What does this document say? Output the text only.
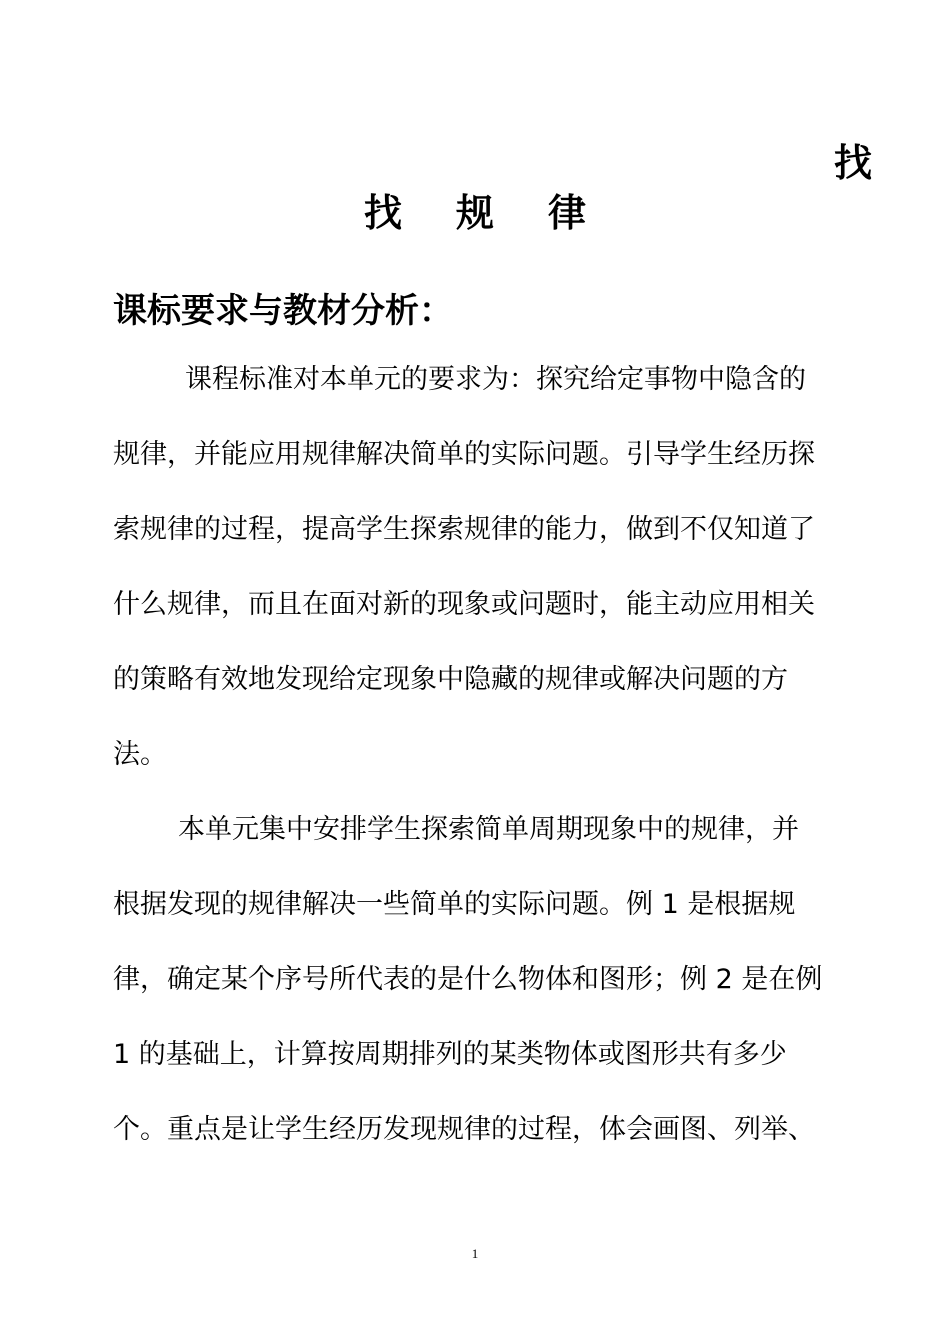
找
找规律
课标要求与教材分析：

课程标准对本单元的要求为：探究给定事物中隐含的
规律，并能应用规律解决简单的实际问题。引导学生经历探
索规律的过程，提高学生探索规律的能力，做到不仅知道了
什么规律，而且在面对新的现象或问题时，能主动应用相关
的策略有效地发现给定现象中隐藏的规律或解决问题的方
法。

本单元集中安排学生探索简单周期现象中的规律，并
根据发现的规律解决一些简单的实际问题。例 1 是根据规
律，确定某个序号所代表的是什么物体和图形；例 2 是在例
1 的基础上，计算按周期排列的某类物体或图形共有多少
个。重点是让学生经历发现规律的过程，体会画图、列举、

1
